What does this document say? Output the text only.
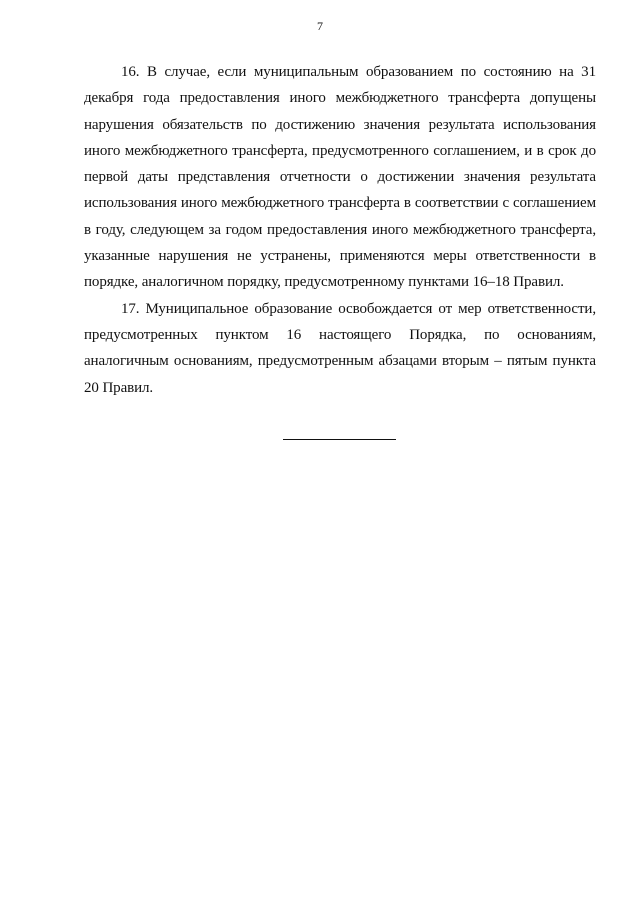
7

16. В случае, если муниципальным образованием по состоянию на 31 декабря года предоставления иного межбюджетного трансферта допущены нарушения обязательств по достижению значения результата использования иного межбюджетного трансферта, предусмотренного соглашением, и в срок до первой даты представления отчетности о достижении значения результата использования иного межбюджетного трансферта в соответствии с соглашением в году, следующем за годом предоставления иного межбюджетного трансферта, указанные нарушения не устранены, применяются меры ответственности в порядке, аналогичном порядку, предусмотренному пунктами 16–18 Правил.

17. Муниципальное образование освобождается от мер ответственности, предусмотренных пунктом 16 настоящего Порядка, по основаниям, аналогичным основаниям, предусмотренным абзацами вторым – пятым пункта 20 Правил.
